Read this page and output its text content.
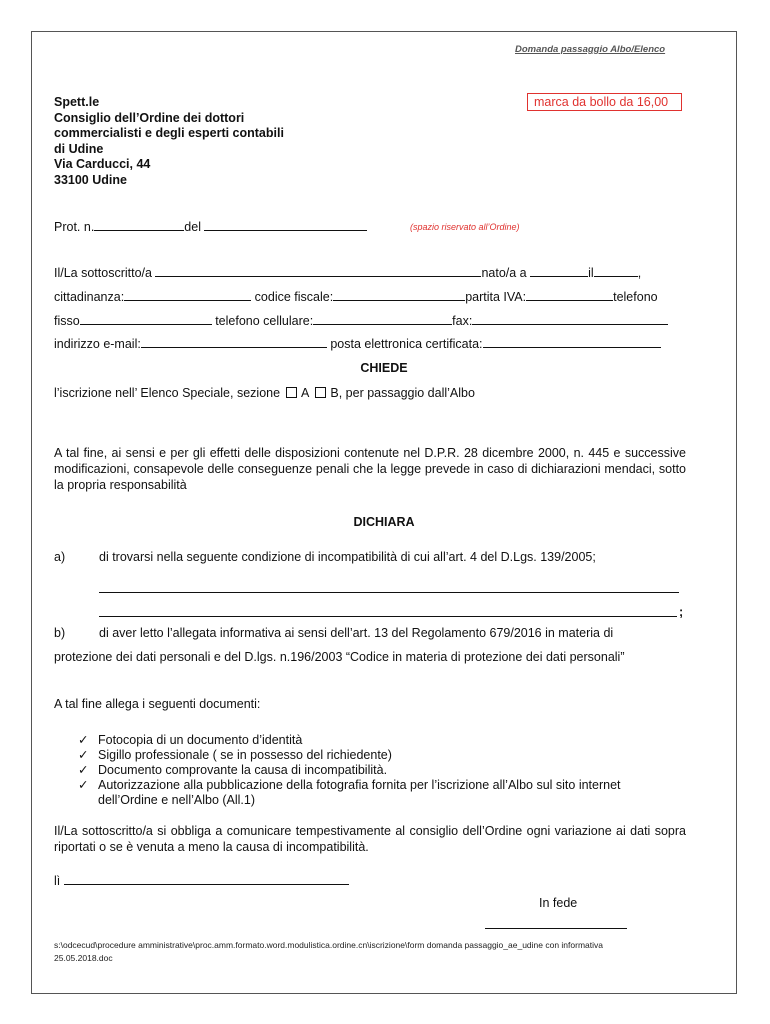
Domanda passaggio Albo/Elenco
Spett.le
Consiglio dell’Ordine dei dottori
commercialisti e degli esperti contabili
di Udine
Via Carducci, 44
33100 Udine
marca da bollo da 16,00
Prot. n.	del	(spazio riservato all’Ordine)
Il/La sottoscritto/a	nato/a a	il	,
cittadinanza:	codice fiscale:	partita IVA:	telefono
fisso	telefono cellulare:	fax:
indirizzo e-mail:	posta elettronica certificata:
CHIEDE
l’iscrizione nell’ Elenco Speciale, sezione A B, per passaggio dall’Albo
A tal fine, ai sensi e per gli effetti delle disposizioni contenute nel D.P.R. 28 dicembre 2000, n. 445 e successive modificazioni, consapevole delle conseguenze penali che la legge prevede in caso di dichiarazioni mendaci, sotto la propria responsabilità
DICHIARA
a)	di trovarsi nella seguente condizione di incompatibilità di cui all’art. 4 del D.Lgs. 139/2005;
;
b)	di aver letto l’allegata informativa ai sensi dell’art. 13 del Regolamento 679/2016 in materia di
protezione dei dati personali e del D.lgs. n.196/2003 “Codice in materia di protezione dei dati personali”
A tal fine allega i seguenti documenti:
✓ Fotocopia di un documento d’identità
✓ Sigillo professionale ( se in possesso del richiedente)
✓ Documento comprovante la causa di incompatibilità.
✓ Autorizzazione alla pubblicazione della fotografia fornita per l’iscrizione all’Albo sul sito internet
dell’Ordine e nell’Albo (All.1)
Il/La sottoscritto/a si obbliga a comunicare tempestivamente al consiglio dell’Ordine ogni variazione ai dati sopra riportati o se è venuta a meno la causa di incompatibilità.
lì
In fede
s:\odcecud\procedure amministrative\proc.amm.formato.word.modulistica.ordine.cn\iscrizione\form domanda passaggio_ae_udine con informativa
25.05.2018.doc
